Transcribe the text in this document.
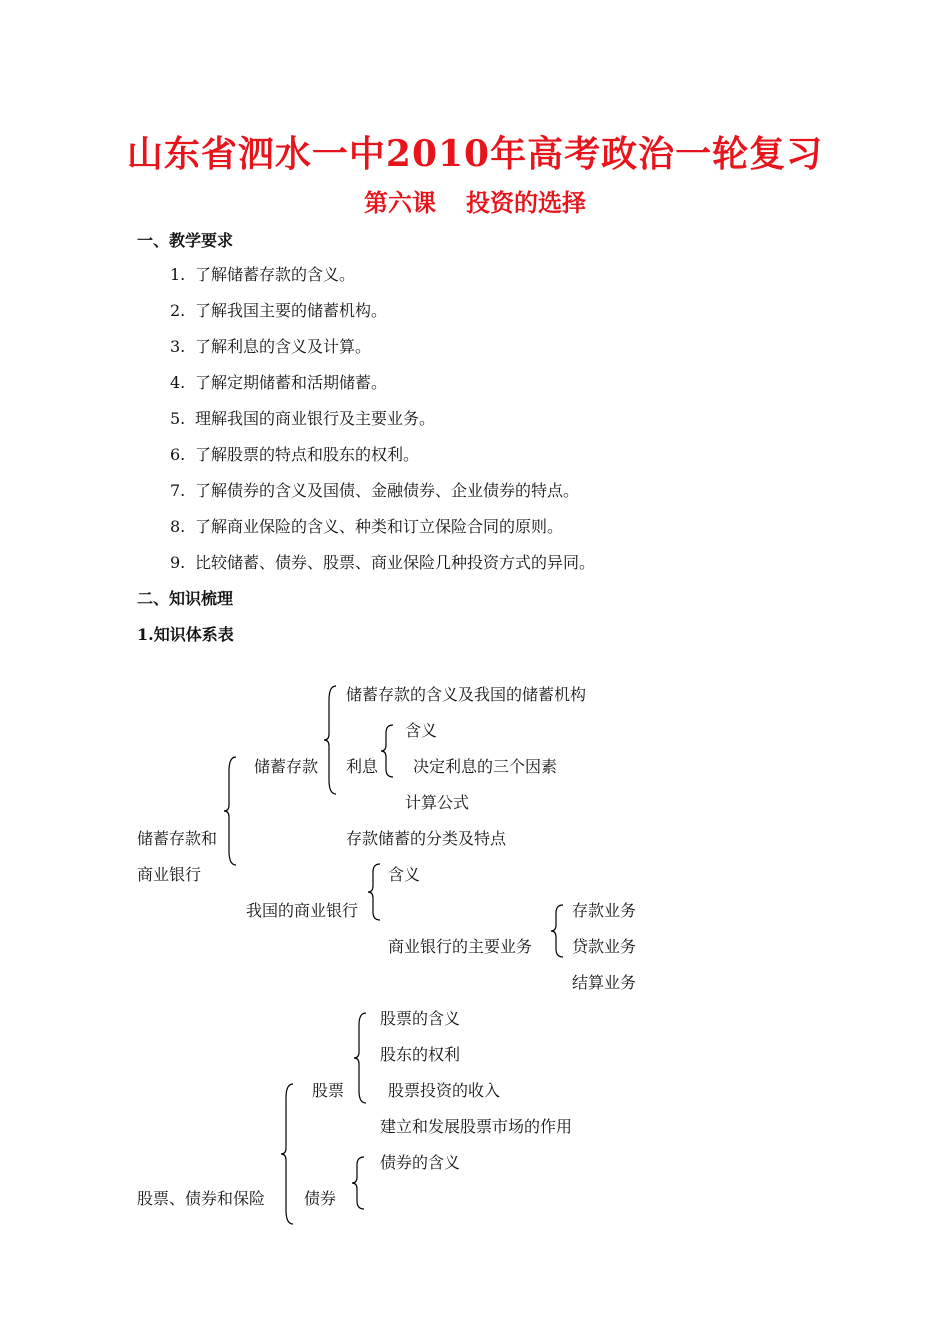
山东省泗水一中2010年高考政治一轮复习
第六课 投资的选择
一、教学要求
1. 了解储蓄存款的含义。
2. 了解我国主要的储蓄机构。
3. 了解利息的含义及计算。
4. 了解定期储蓄和活期储蓄。
5. 理解我国的商业银行及主要业务。
6. 了解股票的特点和股东的权利。
7. 了解债券的含义及国债、金融债券、企业债券的特点。
8. 了解商业保险的含义、种类和订立保险合同的原则。
9. 比较储蓄、债券、股票、商业保险几种投资方式的异同。
二、知识梳理
1.知识体系表
储蓄存款的含义及我国的储蓄机构
含义
储蓄存款 利息 决定利息的三个因素
计算公式
储蓄存款和	存款储蓄的分类及特点
商业银行	含义
我国的商业银行	存款业务
商业银行的主要业务 贷款业务
结算业务
股票的含义
股东的权利
股票	股票投资的收入
建立和发展股票市场的作用
债券的含义
股票、债券和保险 债券
